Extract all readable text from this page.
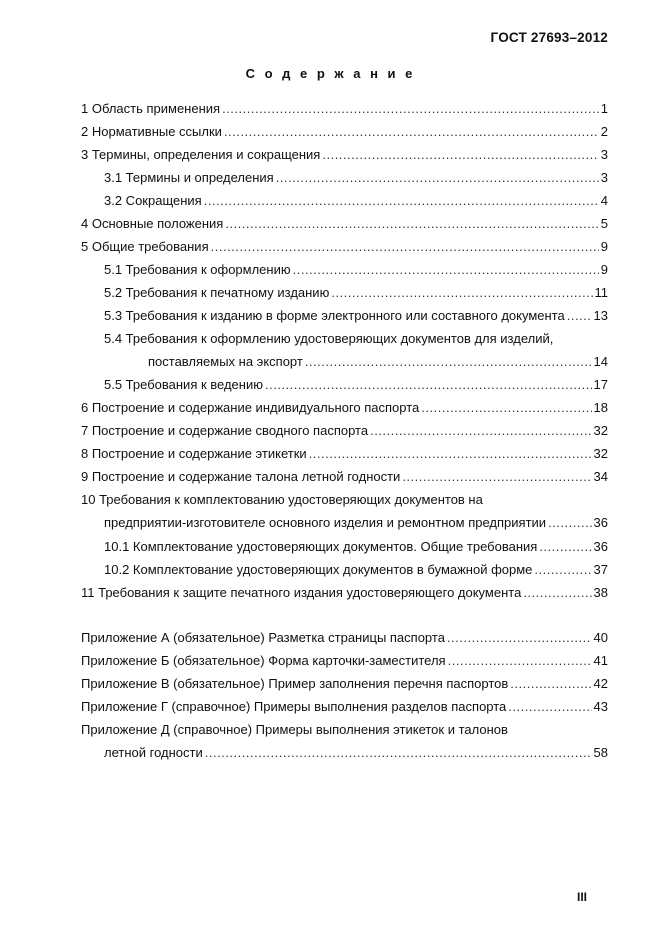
ГОСТ 27693–2012
С о д е р ж а н и е
1 Область применения .....	1
2 Нормативные ссылки .....	2
3 Термины, определения и сокращения .....	3
3.1 Термины и определения .....	3
3.2 Сокращения .....	4
4 Основные положения .....	5
5 Общие требования .....	9
5.1 Требования к оформлению .....	9
5.2 Требования к печатному изданию .....	11
5.3 Требования к изданию в форме электронного или составного документа ..... 13
5.4 Требования к оформлению удостоверяющих документов для изделий,
поставляемых на экспорт .....	14
5.5 Требования к ведению .....	17
6 Построение и содержание индивидуального паспорта .....	18
7 Построение и содержание сводного паспорта .....	32
8 Построение и содержание этикетки .....	32
9 Построение и содержание талона летной годности .....	34
10 Требования к комплектованию удостоверяющих документов на
предприятии-изготовителе основного изделия и ремонтном предприятии .....	36
10.1 Комплектование удостоверяющих документов. Общие требования .....	36
10.2 Комплектование удостоверяющих документов в бумажной форме .....	37
11 Требования к защите печатного издания удостоверяющего документа .....	38
Приложение А (обязательное) Разметка страницы паспорта .....	40
Приложение Б (обязательное) Форма карточки-заместителя .....	41
Приложение В (обязательное) Пример заполнения перечня паспортов .....	42
Приложение Г (справочное) Примеры выполнения разделов паспорта .....	43
Приложение Д (справочное) Примеры выполнения этикеток и талонов
летной годности .....	58
III
